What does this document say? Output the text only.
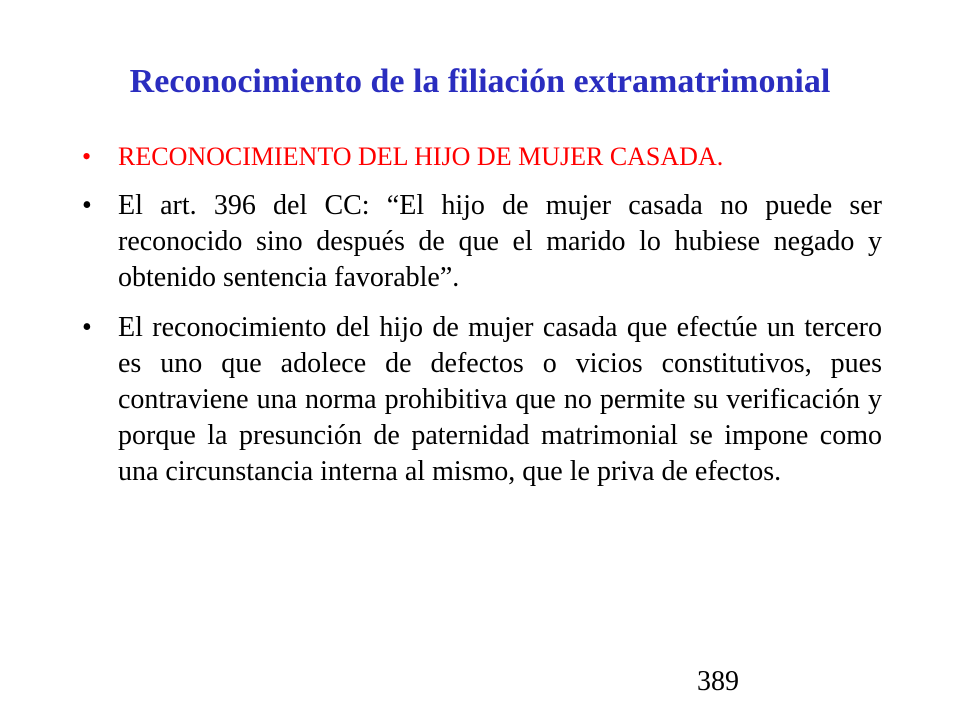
Reconocimiento de la filiación extramatrimonial
• RECONOCIMIENTO DEL HIJO DE MUJER CASADA.
• El art. 396 del CC: “El hijo de mujer casada no puede ser reconocido sino después de que el marido lo hubiese negado y obtenido sentencia favorable”.
• El reconocimiento del hijo de mujer casada que efectúe un tercero es uno que adolece de defectos o vicios constitutivos, pues contraviene una norma prohibitiva que no permite su verificación y porque la presunción de paternidad matrimonial se impone como una circunstancia interna al mismo, que le priva de efectos.
389
